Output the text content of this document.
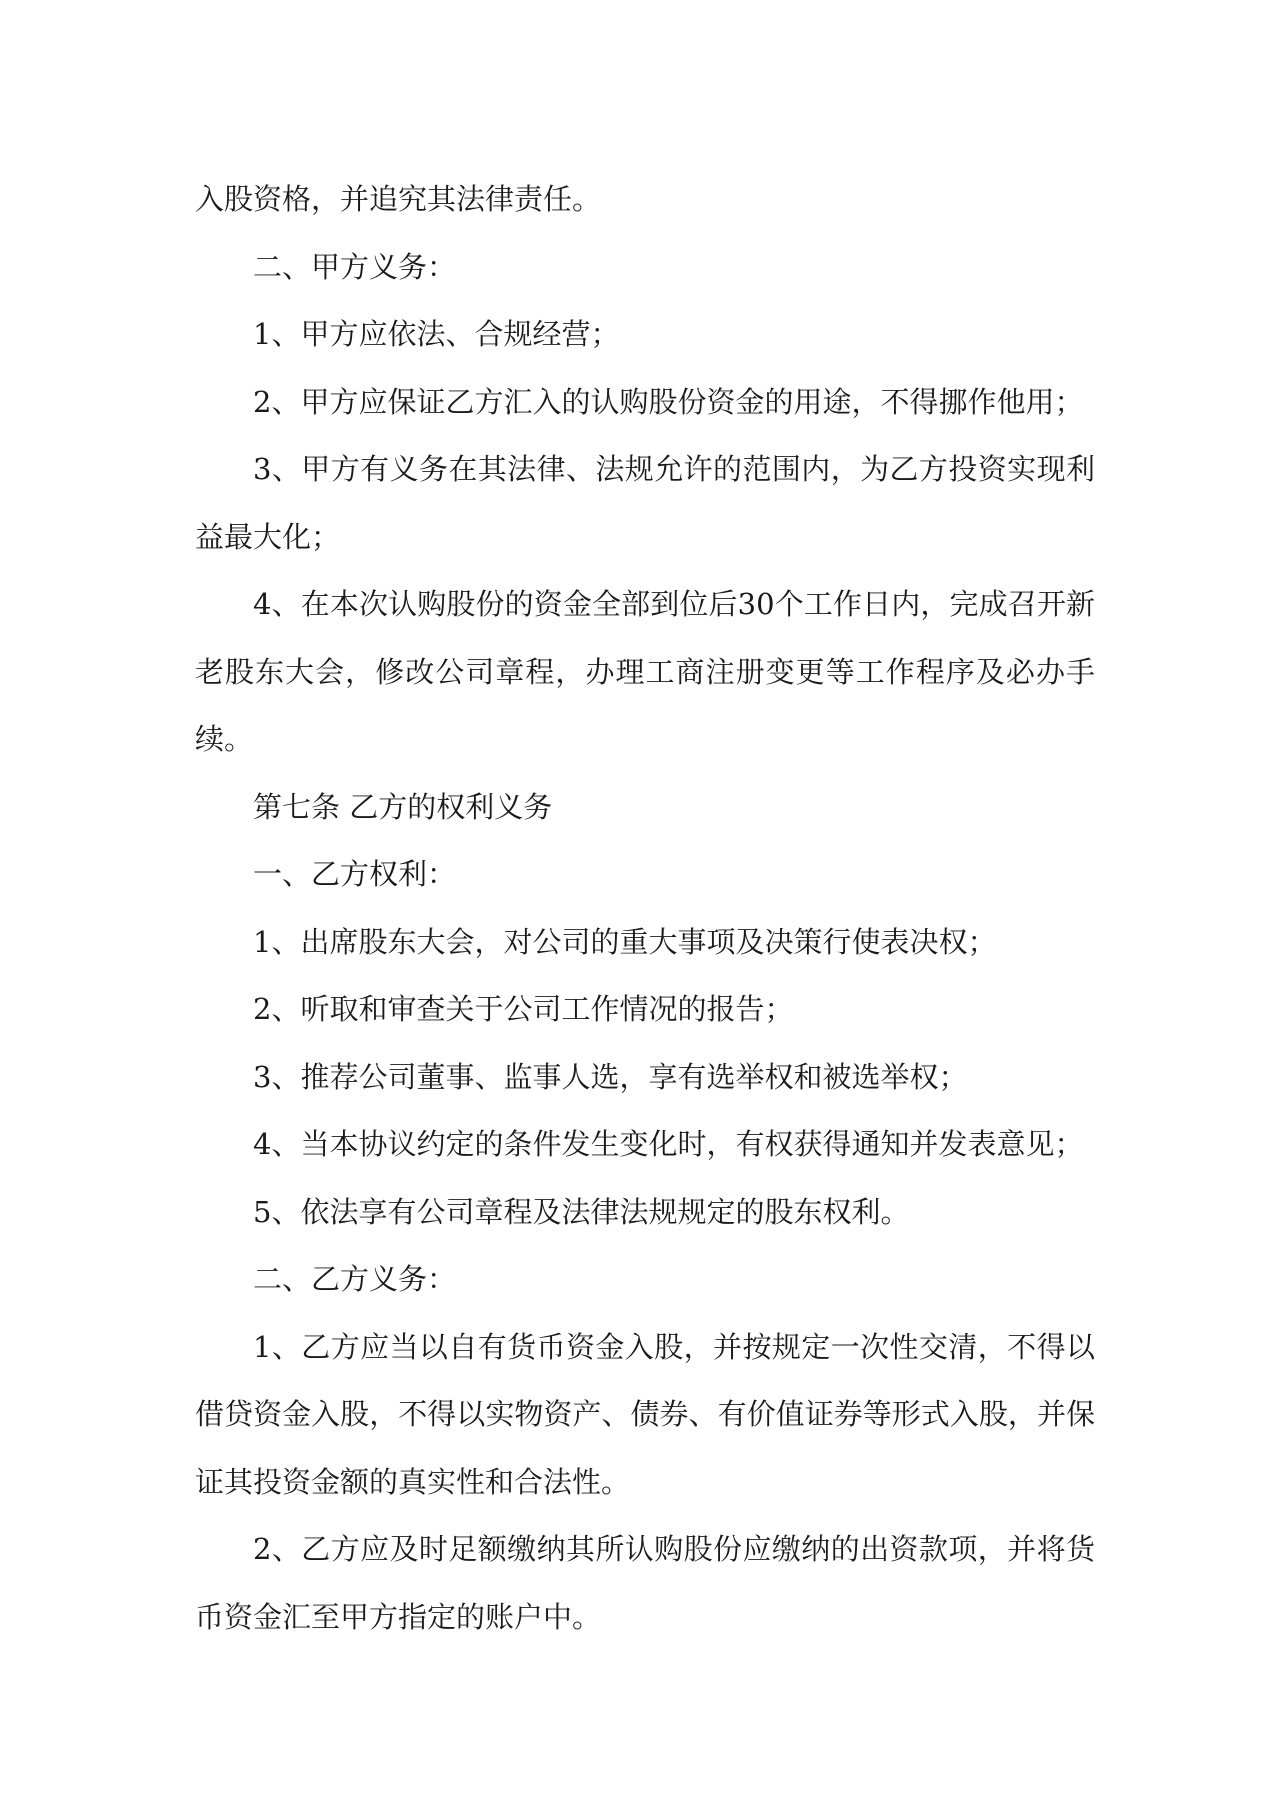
入股资格，并追究其法律责任。

二、甲方义务：

1、甲方应依法、合规经营；

2、甲方应保证乙方汇入的认购股份资金的用途，不得挪作他用；

3、甲方有义务在其法律、法规允许的范围内，为乙方投资实现利益最大化；

4、在本次认购股份的资金全部到位后30个工作日内，完成召开新老股东大会，修改公司章程，办理工商注册变更等工作程序及必办手续。

第七条 乙方的权利义务

一、乙方权利：

1、出席股东大会，对公司的重大事项及决策行使表决权；

2、听取和审查关于公司工作情况的报告；

3、推荐公司董事、监事人选，享有选举权和被选举权；

4、当本协议约定的条件发生变化时，有权获得通知并发表意见；

5、依法享有公司章程及法律法规规定的股东权利。

二、乙方义务：

1、乙方应当以自有货币资金入股，并按规定一次性交清，不得以借贷资金入股，不得以实物资产、债券、有价值证券等形式入股，并保证其投资金额的真实性和合法性。

2、乙方应及时足额缴纳其所认购股份应缴纳的出资款项，并将货币资金汇至甲方指定的账户中。
